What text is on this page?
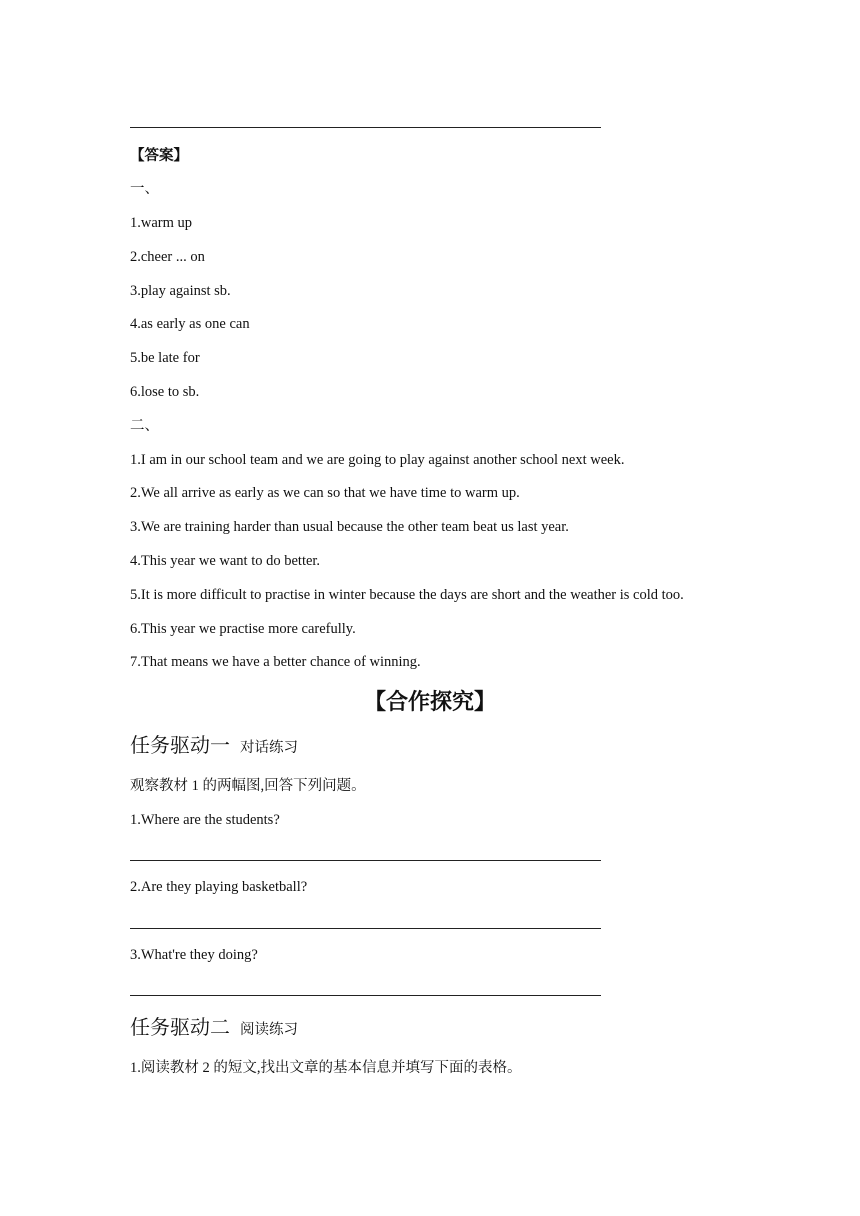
【答案】
一、
1.warm up
2.cheer ... on
3.play against sb.
4.as early as one can
5.be late for
6.lose to sb.
二、
1.I am in our school team and we are going to play against another school next week.
2.We all arrive as early as we can so that we have time to warm up.
3.We are training harder than usual because the other team beat us last year.
4.This year we want to do better.
5.It is more difficult to practise in winter because the days are short and the weather is cold too.
6.This year we practise more carefully.
7.That means we have a better chance of winning.
【合作探究】
任务驱动一 对话练习
观察教材 1 的两幅图,回答下列问题。
1.Where are the students?
2.Are they playing basketball?
3.What're they doing?
任务驱动二 阅读练习
1.阅读教材 2 的短文,找出文章的基本信息并填写下面的表格。
